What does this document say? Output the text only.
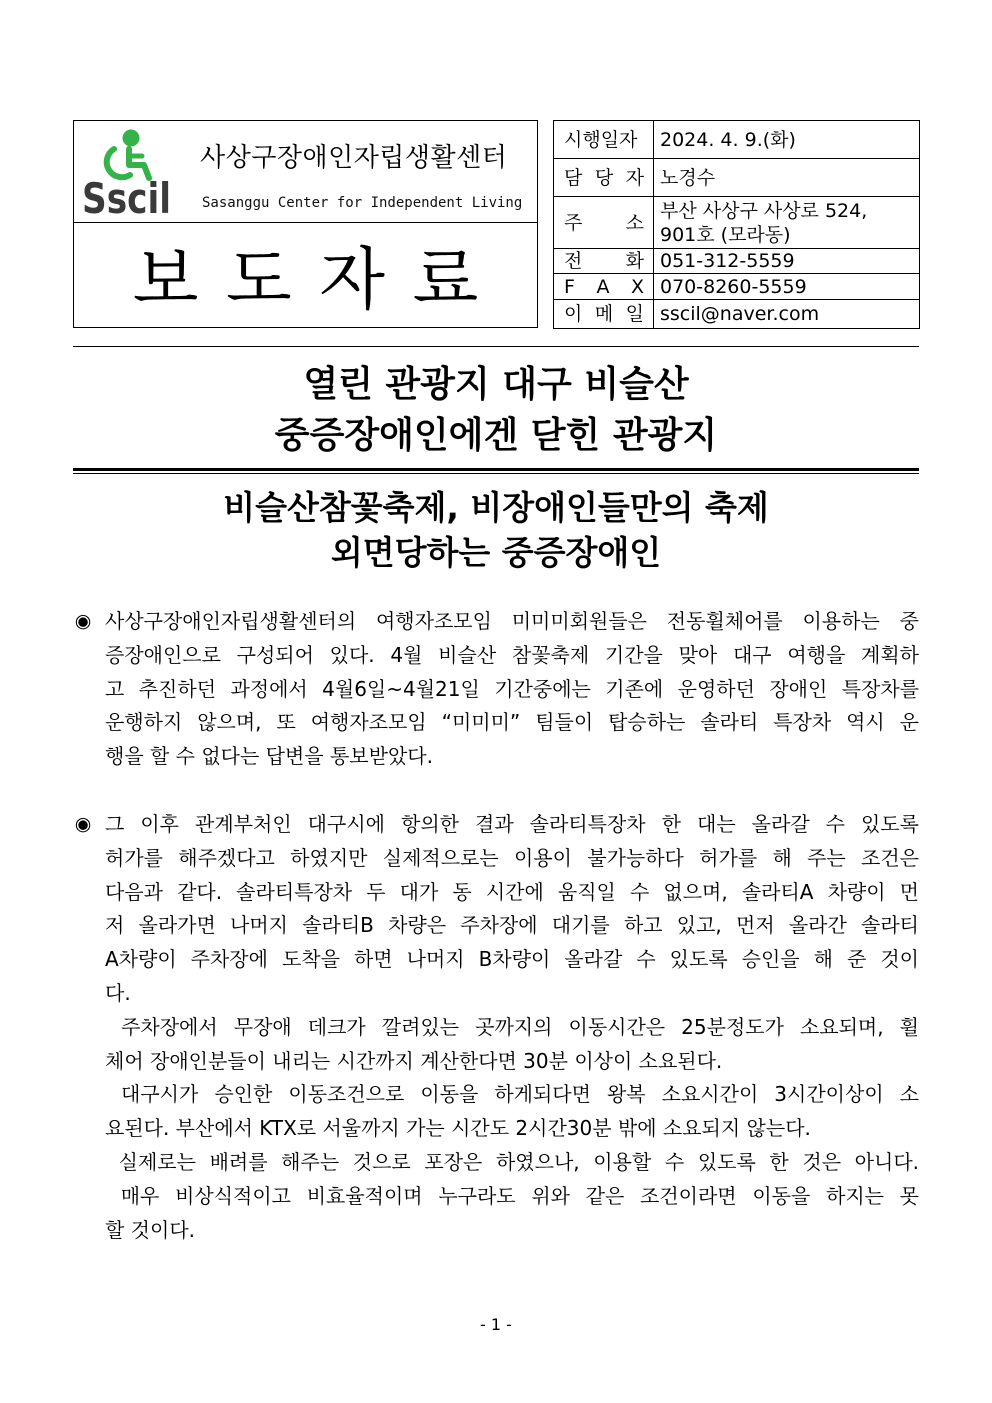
Sscil
사상구장애인자립생활센터
Sasanggu Center for Independent Living
보 도 자 료
시행일자	2024. 4. 9.(화)
담 당 자	노경수
주 소	부산 사상구 사상로 524,
901호 (모라동)

전 화	051-312-5559
F A X	070-8260-5559
이 메 일	sscil@naver.com
열린 관광지 대구 비슬산
중증장애인에겐 닫힌 관광지
비슬산참꽃축제, 비장애인들만의 축제
외면당하는 중증장애인
◉ 사상구장애인자립생활센터의 여행자조모임 미미미회원들은 전동휠체어를 이용하는 중
증장애인으로 구성되어 있다. 4월 비슬산 참꽃축제 기간을 맞아 대구 여행을 계획하
고 추진하던 과정에서 4월6일~4월21일 기간중에는 기존에 운영하던 장애인 특장차를
운행하지 않으며, 또 여행자조모임 “미미미” 팀들이 탑승하는 솔라티 특장차 역시 운
행을 할 수 없다는 답변을 통보받았다.
◉ 그 이후 관계부처인 대구시에 항의한 결과 솔라티특장차 한 대는 올라갈 수 있도록
허가를 해주겠다고 하였지만 실제적으로는 이용이 불가능하다 허가를 해 주는 조건은
다음과 같다. 솔라티특장차 두 대가 동 시간에 움직일 수 없으며, 솔라티A 차량이 먼
저 올라가면 나머지 솔라티B 차량은 주차장에 대기를 하고 있고, 먼저 올라간 솔라티
A차량이 주차장에 도착을 하면 나머지 B차량이 올라갈 수 있도록 승인을 해 준 것이
다.
주차장에서 무장애 데크가 깔려있는 곳까지의 이동시간은 25분정도가 소요되며, 휠
체어 장애인분들이 내리는 시간까지 계산한다면 30분 이상이 소요된다.
대구시가 승인한 이동조건으로 이동을 하게되다면 왕복 소요시간이 3시간이상이 소
요된다. 부산에서 KTX로 서울까지 가는 시간도 2시간30분 밖에 소요되지 않는다.
실제로는 배려를 해주는 것으로 포장은 하였으나, 이용할 수 있도록 한 것은 아니다.
매우 비상식적이고 비효율적이며 누구라도 위와 같은 조건이라면 이동을 하지는 못
할 것이다.
- 1 -
